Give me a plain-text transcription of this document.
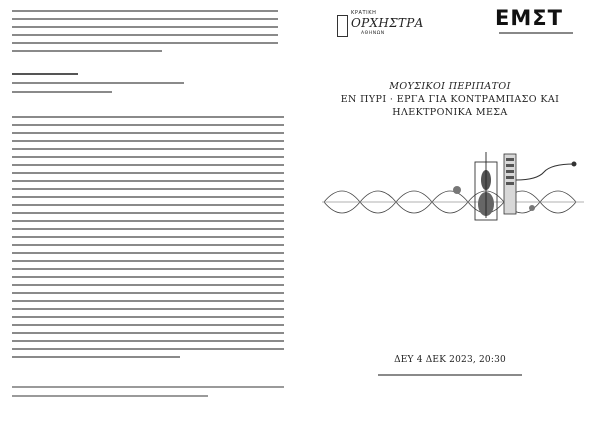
ΚΡΑΤΙΚΗ
ΟΡΧΗΣΤΡΑ
ΑΘΗΝΩΝ
ΕΜΣΤ
ΜΟΥΣΙΚΟΙ ΠΕΡΙΠΑΤΟΙ
ΕΝ ΠΥΡΙ · ΕΡΓΑ ΓΙΑ ΚΟΝΤΡΑΜΠΑΣΟ ΚΑΙ
ΗΛΕΚΤΡΟΝΙΚΑ ΜΕΣΑ
ΔΕΥ 4 ΔΕΚ 2023, 20:30
